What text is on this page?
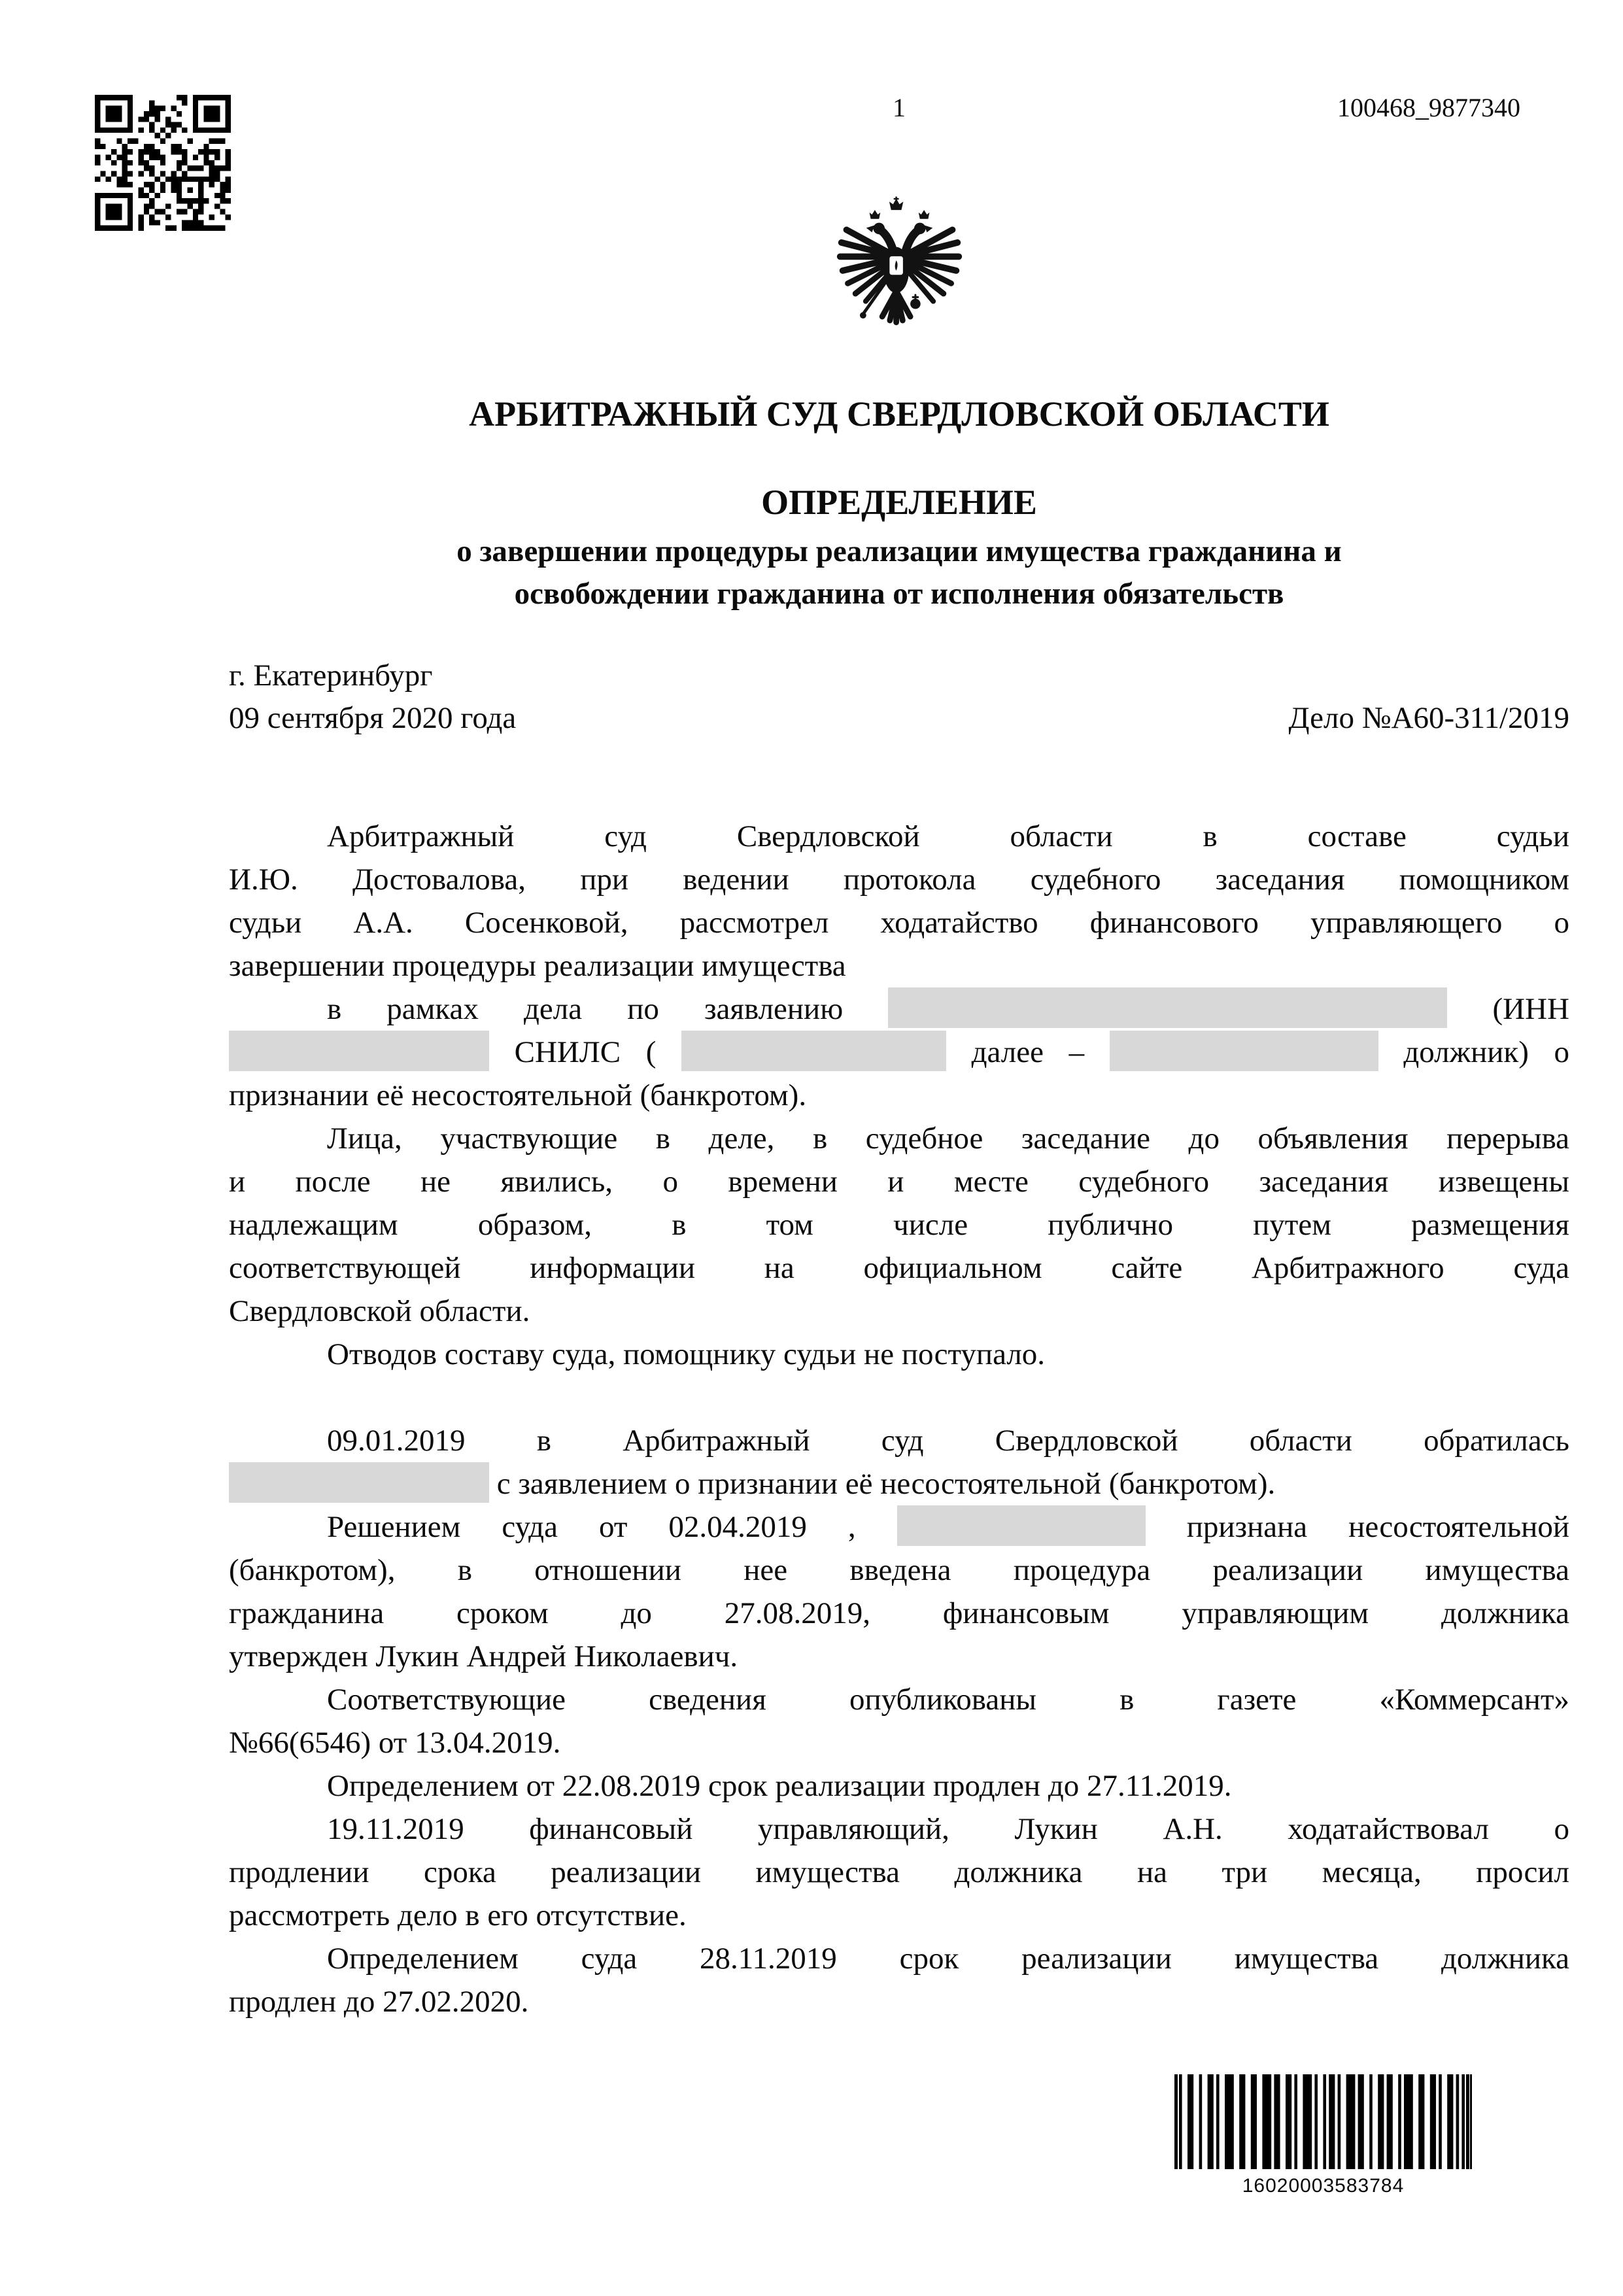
1	100468_9877340
АРБИТРАЖНЫЙ СУД СВЕРДЛОВСКОЙ ОБЛАСТИ
ОПРЕДЕЛЕНИЕ
о завершении процедуры реализации имущества гражданина и
освобождении гражданина от исполнения обязательств
г. Екатеринбург
09 сентября 2020 года	Дело №А60-311/2019
Арбитражный суд Свердловской области в составе судьи
И.Ю. Достовалова, при ведении протокола судебного заседания помощником
судьи А.А. Сосенковой, рассмотрел ходатайство финансового управляющего о
завершении процедуры реализации имущества
в рамках дела по заявлению	(ИНН
СНИЛС (	далее –	должник) о
признании её несостоятельной (банкротом).
Лица, участвующие в деле, в судебное заседание до объявления перерыва
и после не явились, о времени и месте судебного заседания извещены
надлежащим образом, в том числе публично путем размещения
соответствующей информации на официальном сайте Арбитражного суда
Свердловской области.
Отводов составу суда, помощнику судьи не поступало.
09.01.2019 в Арбитражный суд Свердловской области обратилась
с заявлением о признании её несостоятельной (банкротом).
Решением суда от 02.04.2019 ,	признана несостоятельной
(банкротом), в отношении нее введена процедура реализации имущества
гражданина сроком до 27.08.2019, финансовым управляющим должника
утвержден Лукин Андрей Николаевич.
Соответствующие сведения опубликованы в газете «Коммерсант»
№66(6546) от 13.04.2019.
Определением от 22.08.2019 срок реализации продлен до 27.11.2019.
19.11.2019 финансовый управляющий, Лукин А.Н. ходатайствовал о
продлении срока реализации имущества должника на три месяца, просил
рассмотреть дело в его отсутствие.
Определением суда 28.11.2019 срок реализации имущества должника
продлен до 27.02.2020.
16020003583784
